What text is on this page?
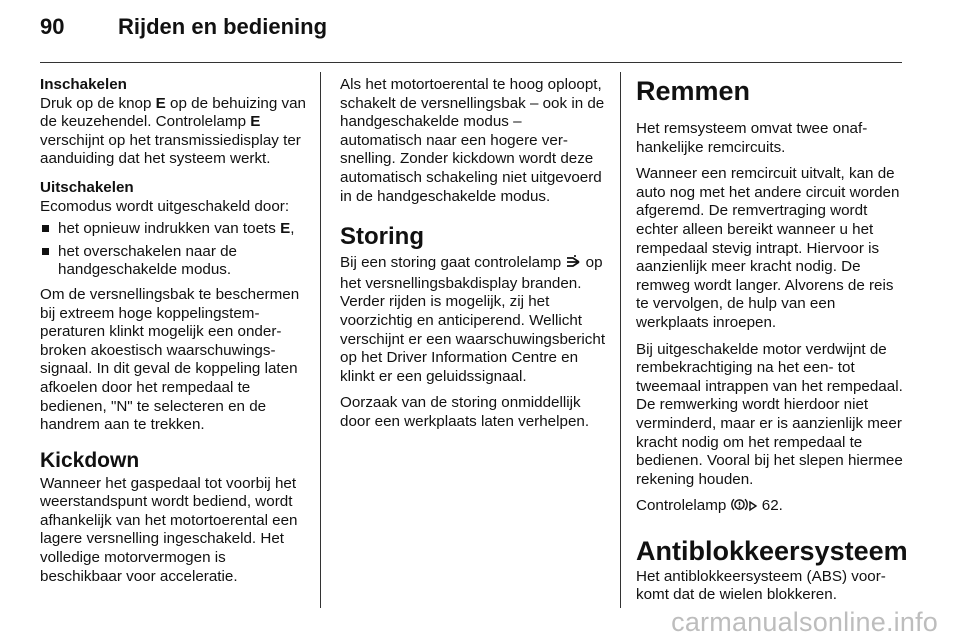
90 Rijden en bediening

Inschakelen

Druk op de knop E op de behuizing van de keuzehendel. Controlelamp E verschijnt op het transmissiedisplay ter aanduiding dat het systeem werkt.

Uitschakelen

Ecomodus wordt uitgeschakeld door:

het opnieuw indrukken van toets E,
het overschakelen naar de handgeschakelde modus.

Om de versnellingsbak te beschermen bij extreem hoge koppelingstemperaturen klinkt mogelijk een onderbroken akoestisch waarschuwingssignaal. In dit geval de koppeling laten afkoelen door het rempedaal te bedienen, "N" te selecteren en de handrem aan te trekken.

Kickdown

Wanneer het gaspedaal tot voorbij het weerstandspunt wordt bediend, wordt afhankelijk van het motortoerental een lagere versnelling ingeschakeld. Het volledige motorvermogen is beschikbaar voor acceleratie.

Als het motortoerental te hoog oploopt, schakelt de versnellingsbak – ook in de handgeschakelde modus – automatisch naar een hogere versnelling. Zonder kickdown wordt deze automatisch schakeling niet uitgevoerd in de handgeschakelde modus.

Storing

Bij een storing gaat controlelamp  op het versnellingsbakdisplay branden. Verder rijden is mogelijk, zij het voorzichtig en anticiperend. Wellicht verschijnt er een waarschuwingsbericht op het Driver Information Centre en klinkt er een geluidssignaal.

Oorzaak van de storing onmiddellijk door een werkplaats laten verhelpen.

Remmen

Het remsysteem omvat twee onafhankelijke remcircuits.

Wanneer een remcircuit uitvalt, kan de auto nog met het andere circuit worden afgeremd. De remvertraging wordt echter alleen bereikt wanneer u het rempedaal stevig intrapt. Hiervoor is aanzienlijk meer kracht nodig. De remweg wordt langer. Alvorens de reis te vervolgen, de hulp van een werkplaats inroepen.

Bij uitgeschakelde motor verdwijnt de rembekrachtiging na het een- tot tweemaal intrappen van het rempedaal. De remwerking wordt hierdoor niet verminderd, maar er is aanzienlijk meer kracht nodig om het rempedaal te bedienen. Vooral bij het slepen hiermee rekening houden.

Controlelamp  62.

Antiblokkeersysteem

Het antiblokkeersysteem (ABS) voorkomt dat de wielen blokkeren.

carmanualsonline.info
